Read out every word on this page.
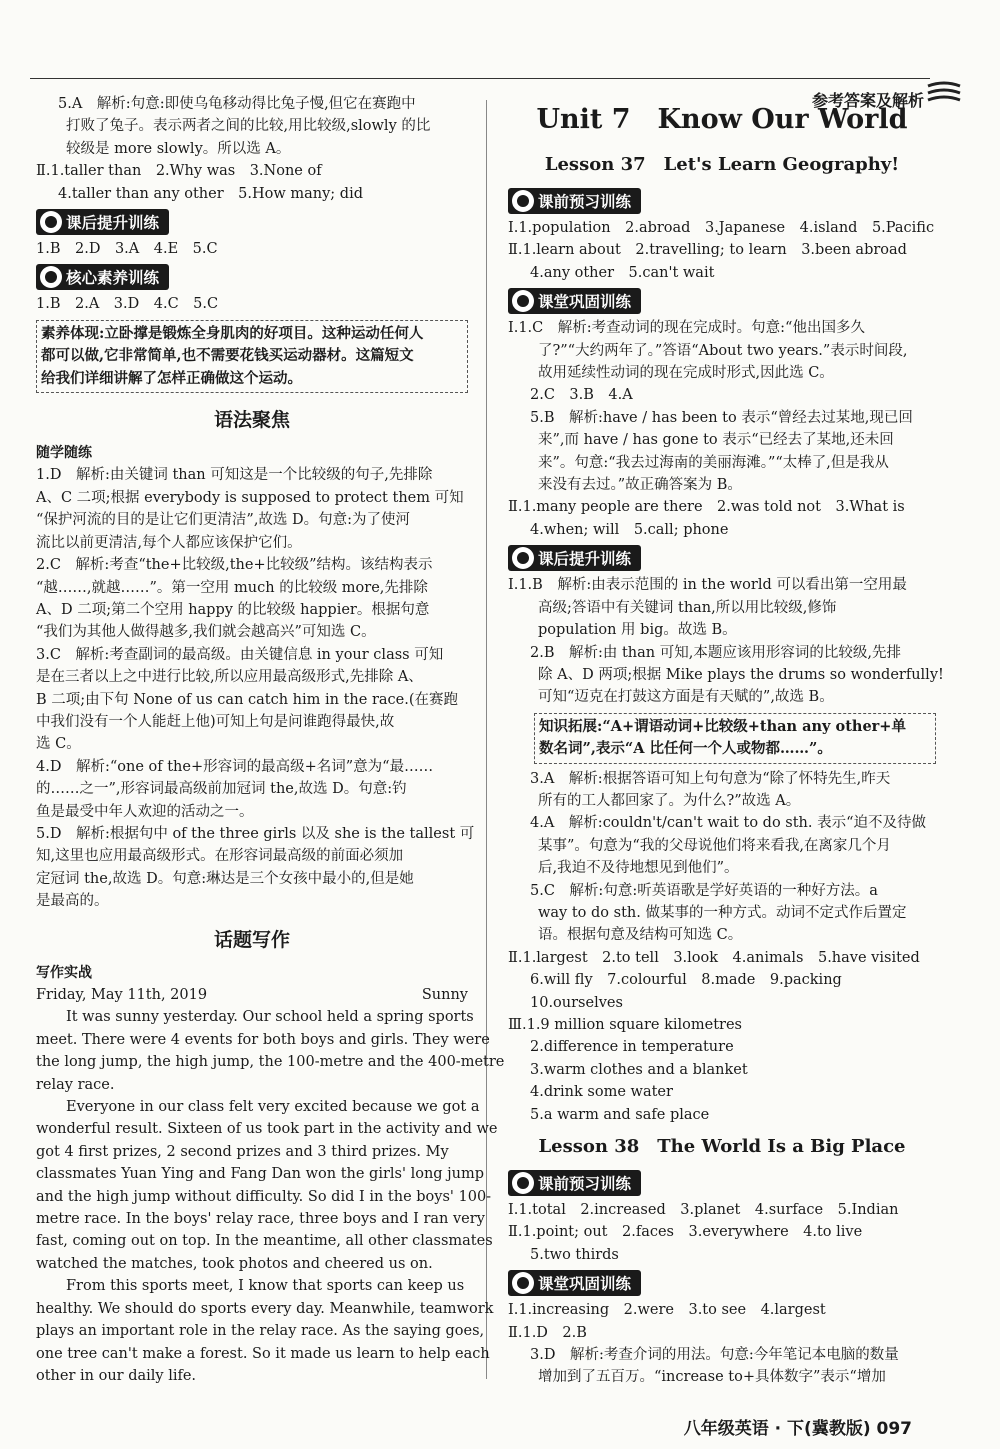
参考答案及解析
5.A　解析:句意:即使乌龟移动得比兔子慢,但它在赛跑中
打败了兔子。表示两者之间的比较,用比较级,slowly 的比
较级是 more slowly。所以选 A。
Ⅱ.1.taller than　2.Why was　3.None of
4.taller than any other　5.How many; did
课后提升训练
1.B　2.D　3.A　4.E　5.C
核心素养训练
1.B　2.A　3.D　4.C　5.C
素养体现:立卧撑是锻炼全身肌肉的好项目。这种运动任何人
都可以做,它非常简单,也不需要花钱买运动器材。这篇短文
给我们详细讲解了怎样正确做这个运动。
语法聚焦
随学随练
1.D　解析:由关键词 than 可知这是一个比较级的句子,先排除
A、C 二项;根据 everybody is supposed to protect them 可知
“保护河流的目的是让它们更清洁”,故选 D。句意:为了使河
流比以前更清洁,每个人都应该保护它们。
2.C　解析:考查“the+比较级,the+比较级”结构。该结构表示
“越……,就越……”。第一空用 much 的比较级 more,先排除
A、D 二项;第二个空用 happy 的比较级 happier。根据句意
“我们为其他人做得越多,我们就会越高兴”可知选 C。
3.C　解析:考查副词的最高级。由关键信息 in your class 可知
是在三者以上之中进行比较,所以应用最高级形式,先排除 A、
B 二项;由下句 None of us can catch him in the race.(在赛跑
中我们没有一个人能赶上他)可知上句是问谁跑得最快,故
选 C。
4.D　解析:“one of the+形容词的最高级+名词”意为“最……
的……之一”,形容词最高级前加冠词 the,故选 D。句意:钓
鱼是最受中年人欢迎的活动之一。
5.D　解析:根据句中 of the three girls 以及 she is the tallest 可
知,这里也应用最高级形式。在形容词最高级的前面必须加
定冠词 the,故选 D。句意:琳达是三个女孩中最小的,但是她
是最高的。
话题写作
写作实战
Friday, May 11th, 2019	Sunny
It was sunny yesterday. Our school held a spring sports
meet. There were 4 events for both boys and girls. They were
the long jump, the high jump, the 100-metre and the 400-metre
relay race.
Everyone in our class felt very excited because we got a
wonderful result. Sixteen of us took part in the activity and we
got 4 first prizes, 2 second prizes and 3 third prizes. My
classmates Yuan Ying and Fang Dan won the girls' long jump
and the high jump without difficulty. So did I in the boys' 100-
metre race. In the boys' relay race, three boys and I ran very
fast, coming out on top. In the meantime, all other classmates
watched the matches, took photos and cheered us on.
From this sports meet, I know that sports can keep us
healthy. We should do sports every day. Meanwhile, teamwork
plays an important role in the relay race. As the saying goes,
one tree can't make a forest. So it made us learn to help each
other in our daily life.
Unit 7　Know Our World
Lesson 37　Let's Learn Geography!
课前预习训练
Ⅰ.1.population　2.abroad　3.Japanese　4.island　5.Pacific
Ⅱ.1.learn about　2.travelling; to learn　3.been abroad
4.any other　5.can't wait
课堂巩固训练
Ⅰ.1.C　解析:考查动词的现在完成时。句意:“他出国多久
了?”“大约两年了。”答语“About two years.”表示时间段,
故用延续性动词的现在完成时形式,因此选 C。
2.C　3.B　4.A
5.B　解析:have / has been to 表示“曾经去过某地,现已回
来”,而 have / has gone to 表示“已经去了某地,还未回
来”。句意:“我去过海南的美丽海滩。”“太棒了,但是我从
来没有去过。”故正确答案为 B。
Ⅱ.1.many people are there　2.was told not　3.What is
4.when; will　5.call; phone
课后提升训练
Ⅰ.1.B　解析:由表示范围的 in the world 可以看出第一空用最
高级;答语中有关键词 than,所以用比较级,修饰
population 用 big。故选 B。
2.B　解析:由 than 可知,本题应该用形容词的比较级,先排
除 A、D 两项;根据 Mike plays the drums so wonderfully!
可知“迈克在打鼓这方面是有天赋的”,故选 B。
知识拓展:“A+谓语动词+比较级+than any other+单
数名词”,表示“A 比任何一个人或物都……”。
3.A　解析:根据答语可知上句句意为“除了怀特先生,昨天
所有的工人都回家了。为什么?”故选 A。
4.A　解析:couldn't/can't wait to do sth. 表示“迫不及待做
某事”。句意为“我的父母说他们将来看我,在离家几个月
后,我迫不及待地想见到他们”。
5.C　解析:句意:听英语歌是学好英语的一种好方法。a
way to do sth. 做某事的一种方式。动词不定式作后置定
语。根据句意及结构可知选 C。
Ⅱ.1.largest　2.to tell　3.look　4.animals　5.have visited
6.will fly　7.colourful　8.made　9.packing
10.ourselves
Ⅲ.1.9 million square kilometres
2.difference in temperature
3.warm clothes and a blanket
4.drink some water
5.a warm and safe place
Lesson 38　The World Is a Big Place
课前预习训练
Ⅰ.1.total　2.increased　3.planet　4.surface　5.Indian
Ⅱ.1.point; out　2.faces　3.everywhere　4.to live
5.two thirds
课堂巩固训练
Ⅰ.1.increasing　2.were　3.to see　4.largest
Ⅱ.1.D　2.B
3.D　解析:考查介词的用法。句意:今年笔记本电脑的数量
增加到了五百万。“increase to+具体数字”表示“增加
八年级英语 · 下(冀教版) 097
